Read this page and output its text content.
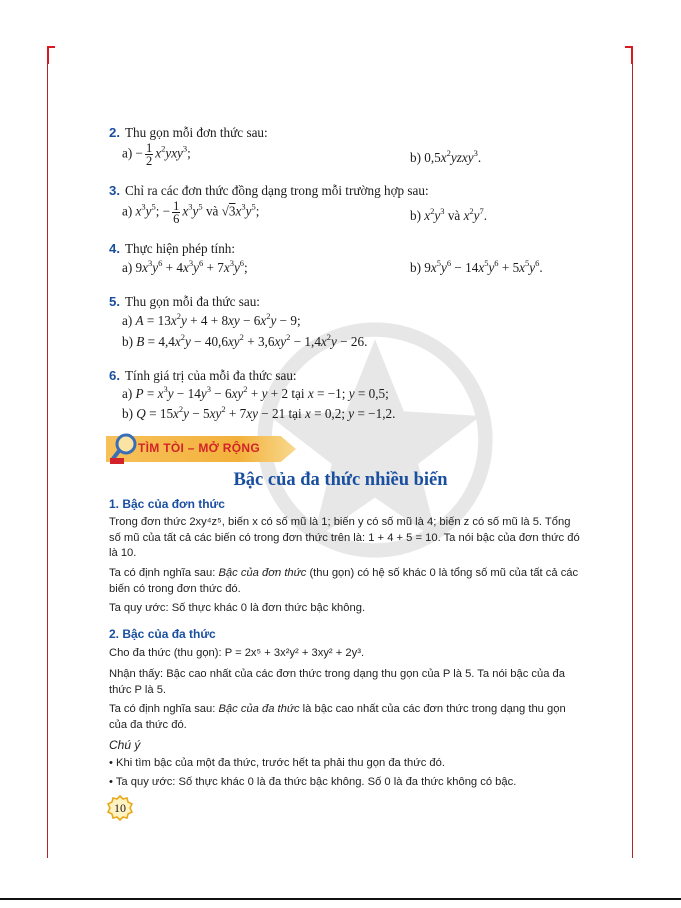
2. Thu gọn mỗi đơn thức sau:
$a) - \frac{1}{2} x^2yxy^3$;	b) $0,5x^2yzxy^3$.
3. Chỉ ra các đơn thức đồng dạng trong mỗi trường hợp sau:
a) $x^3y^5$; − $\frac{1}{6} x^3y^5$ và $√3x^3y^5$;	b) $x^2y^3$ và $x^2y^7$.
4. Thực hiện phép tính:
a) $9x^3y^6 + 4x^3y^6 + 7x^3y^6$;	b) $9x^5y^6 - 14x^5y^6 + 5x^5y^6$.
5. Thu gọn mỗi đa thức sau:
a) $A = 13x^2y + 4 + 8xy - 6x^2y - 9$;
b) $B = 4,4x^2y - 40,6xy^2 + 3,6xy^2 - 1,4x^2y - 26$.
6. Tính giá trị của mỗi đa thức sau:
a) $P = x^3y - 14y^3 - 6xy^2 + y + 2$ tại x = −1; y = 0,5;
b) $Q = 15x^2y - 5xy^2 + 7xy - 21$ tại x = 0,2; y = −1,2.
TÌM TÒI – MỞ RỘNG
Bậc của đa thức nhiều biến
1. Bậc của đơn thức
Trong đơn thức 2xy⁴z⁵, biến x có số mũ là 1; biến y có số mũ là 4; biến z có số mũ là 5. Tổng số mũ của tất cả các biến có trong đơn thức trên là: 1 + 4 + 5 = 10. Ta nói bậc của đơn thức đó là 10.
Ta có định nghĩa sau: Bậc của đơn thức (thu gọn) có hệ số khác 0 là tổng số mũ của tất cả các biến có trong đơn thức đó.
Ta quy ước: Số thực khác 0 là đơn thức bậc không.
2. Bậc của đa thức
Cho đa thức (thu gọn): P = 2x⁵ + 3x²y² + 3xy² + 2y³.
Nhận thấy: Bậc cao nhất của các đơn thức trong dạng thu gọn của P là 5. Ta nói bậc của đa thức P là 5.
Ta có định nghĩa sau: Bậc của đa thức là bậc cao nhất của các đơn thức trong dạng thu gọn của đa thức đó.
Chú ý
• Khi tìm bậc của một đa thức, trước hết ta phải thu gọn đa thức đó.
• Ta quy ước: Số thực khác 0 là đa thức bậc không. Số 0 là đa thức không có bậc.
10
